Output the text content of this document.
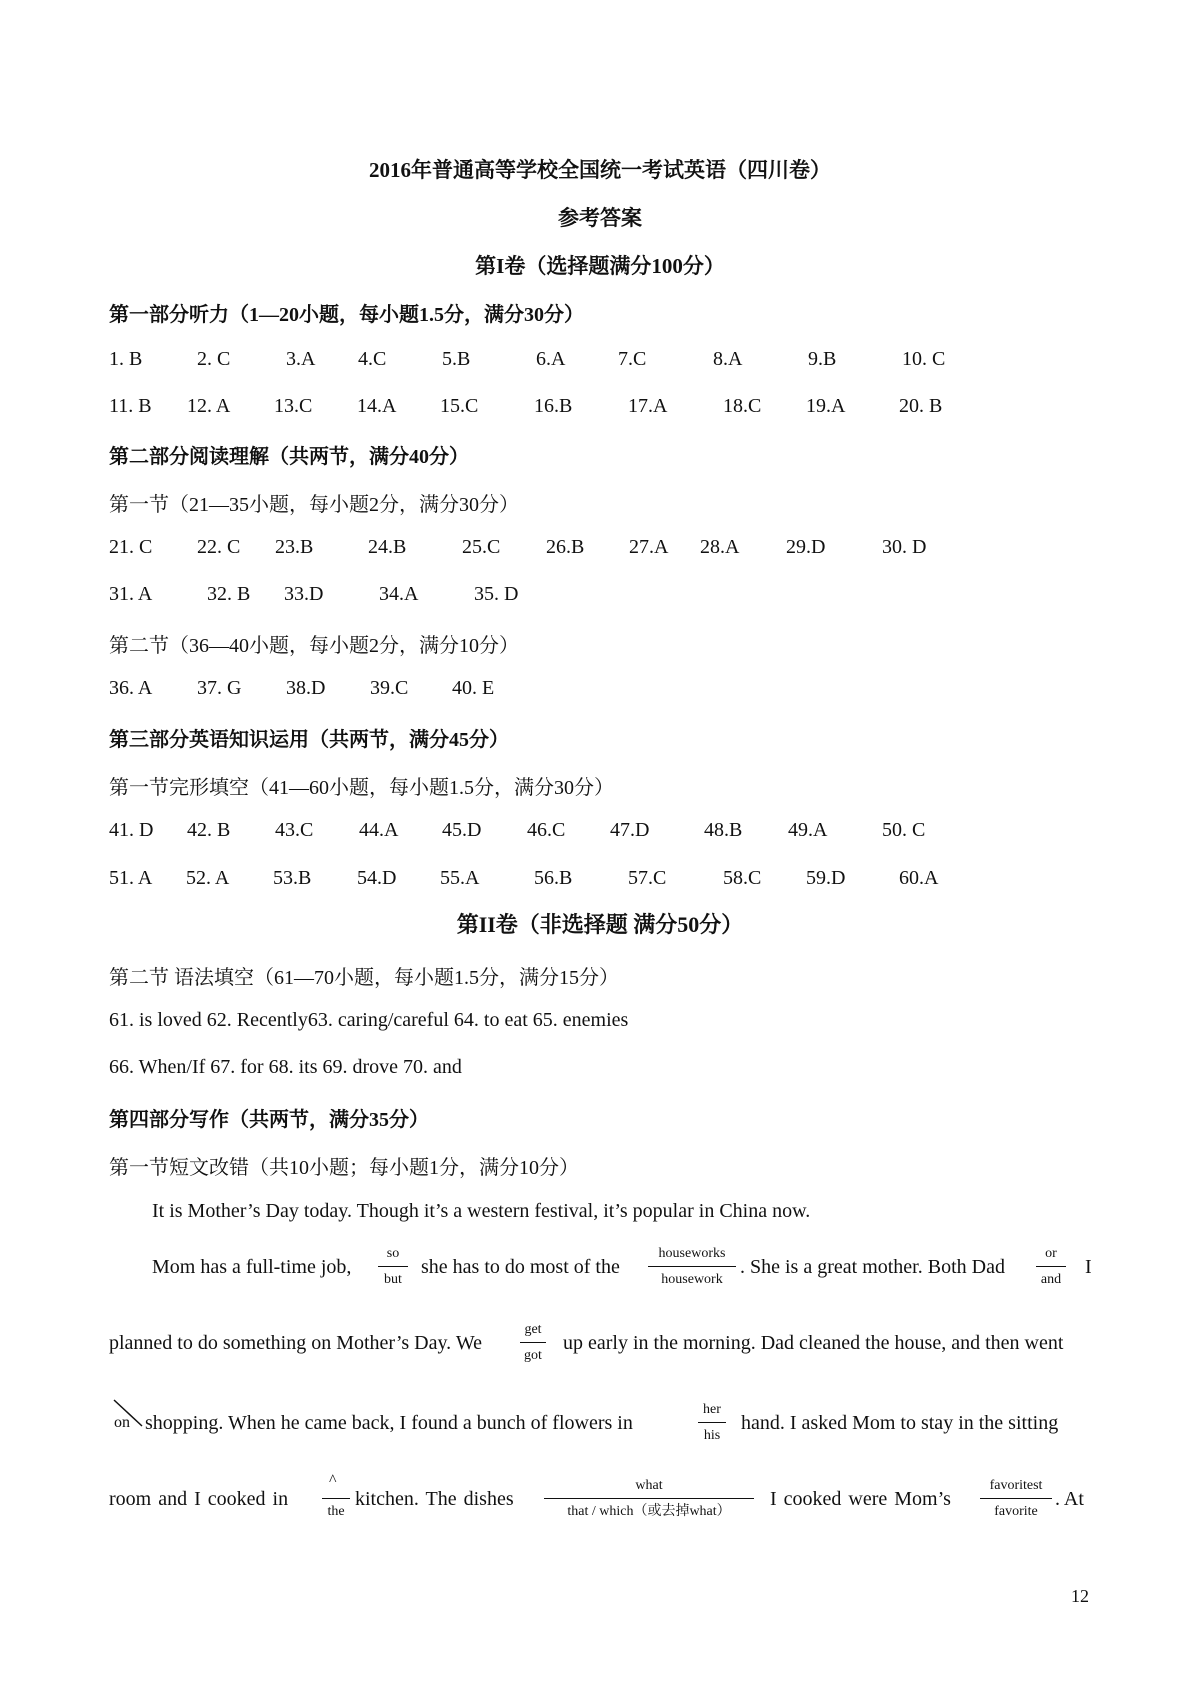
2016年普通高等学校全国统一考试英语（四川卷）
参考答案
第I卷（选择题满分100分）
第一部分听力（1—20小题，每小题1.5分，满分30分）
1. B	2. C	3.A 4.C	5.B	6.A	7.C	8.A	9.B	10. C
11. B 12. A 13.C 14.A 15.C	16.B	17.A	18.C 19.A	20. B
第二部分阅读理解（共两节，满分40分）
第一节（21—35小题，每小题2分，满分30分）
21. C 22. C 23.B	24.B	25.C 26.B 27.A 28.A 29.D	30. D
31. A	32. B 33.D	34.A	35. D
第二节（36—40小题，每小题2分，满分10分）
36. A 37. G 38.D 39.C 40. E
第三部分英语知识运用（共两节，满分45分）
第一节完形填空（41—60小题，每小题1.5分，满分30分）
41. D 42. B 43.C 44.A 45.D 46.C 47.D	48.B 49.A	50. C
51. A 52. A 53.B 54.D 55.A	56.B	57.C	58.C 59.D	60.A
第II卷（非选择题 满分50分）
第二节 语法填空（61—70小题，每小题1.5分，满分15分）
61. is loved 62. Recently63. caring/careful 64. to eat 65. enemies
66. When/If 67. for 68. its 69. drove 70. and
第四部分写作（共两节，满分35分）
第一节短文改错（共10小题；每小题1分，满分10分）
It is Mother’s Day today. Though it’s a western festival, it’s popular in China now.
Mom has a full-time job,
so
but
she has to do most of the
houseworks
housework
. She is a great mother. Both Dad
or
and
I
planned to do something on Mother’s Day. We
get
got
up early in the morning. Dad cleaned the house, and then went
on shopping. When he came back, I found a bunch of flowers in
her
his
hand. I asked Mom to stay in the sitting
room and I cooked in
^
the
kitchen. The dishes
what
that / which（或去掉what）
I cooked were Mom’s
favoritest
favorite
. At
12
